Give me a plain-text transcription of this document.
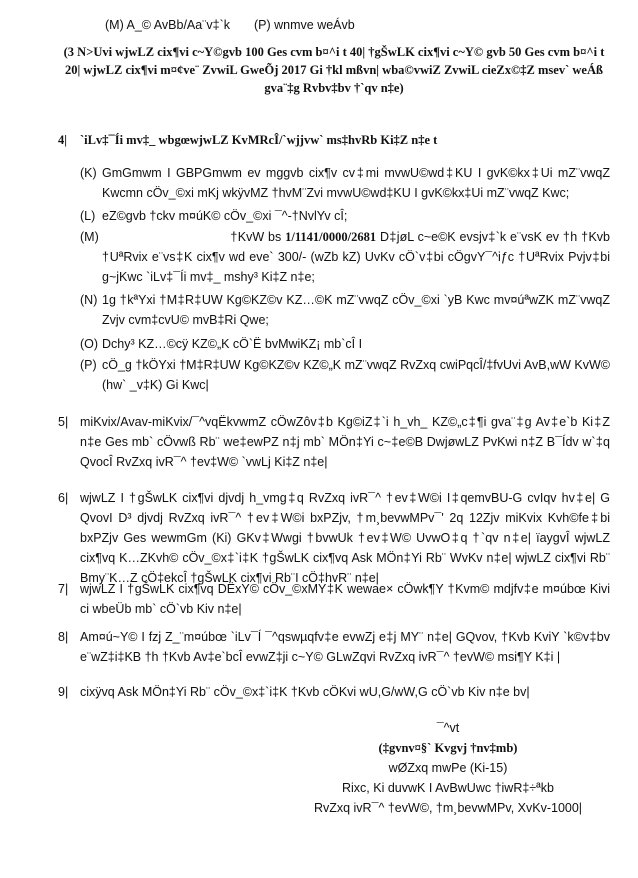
(M) A_© AvBb/Aa¨v‡`k (P) wnmve weÁvb
(3 N>Uvi wjwLZ cix¶vi c~Y©gvb 100 Ges cvm b¤^i t 40| †gŠwLK cix¶vi c~Y© gvb 50 Ges cvm b¤^i t 20| wjwLZ cix¶vi m¤¢ve¨ ZvwiL GweÕj 2017 Gi †kl mßvn| wba©vwiZ ZvwiL cieZx©‡Z msev` weÁß gva¨‡g Rvbv‡bv †`qv n‡e)
4| `iLv‡¯Íi mv‡_ wbgœwjwLZ KvMRcÎ/`wjjvw` ms‡hvRb Ki‡Z n‡e t
(K) GmGmwm I GBPGmwm ev mggvb cix¶v cv‡mi mvwU©wd‡KU I gvK©kx‡Ui mZ¨vwqZ Kwcmn cÖv_©xi mKj wkÿvMZ †hvM¨Zvi mvwU©wd‡KU I gvK©kx‡Ui mZ¨vwqZ Kwc;
(L) eZ©gvb †ckv m¤úK© cÖv_©xi ¯^-†NvlYv cÎ;
(M)	†KvW bs 1/1141/0000/2681 D‡jøL c~e©K evsjv‡`k e¨vsK ev †h †Kvb †UªRvix e¨vs‡K cix¶v wd eve` 300/- (wZb kZ) UvKv cÖ`v‡bi cÖgvY¯^iƒc †UªRvix Pvjv‡bi g~jKwc `iLv‡¯Íi mv‡_ mshy³ Ki‡Z n‡e;
(N) 1g †kªYxi †M‡R‡UW Kg©KZ©v KZ…©K mZ¨vwqZ cÖv_©xi `yB Kwc mv¤úªwZK mZ¨vwqZ Zvjv cvm‡cvU© mvB‡Ri Qwe;
(O) Dchy³ KZ…©cÿ KZ©„K cÖ`Ë bvMwiKZ¡ mb`cÎ I
(P) cÖ_g †kÖYxi †M‡R‡UW Kg©KZ©v KZ©„K mZ¨vwqZ RvZxq cwiPqcÎ/‡fvUvi AvB,wW KvW© (hw` _v‡K) Gi Kwc|
5| miKvix/Avav-miKvix/¯^vqËkvwmZ cÖwZôv‡b Kg©iZ‡`i h_vh_ KZ©„c‡¶i gva¨‡g Av‡e`b Ki‡Z n‡e Ges mb` cÖvwß Rb¨ we‡ewPZ n‡j mb` MÖn‡Yi c~‡e©B DwjøwLZ PvKwi n‡Z B¯Ídv w`‡q QvocÎ RvZxq ivR¯^ †ev‡W© `vwLj Ki‡Z n‡e|
6| wjwLZ I †gŠwLK cix¶vi djvdj h_vmg‡q RvZxq ivR¯^ †ev‡W©i I‡qemvBU-G cvIqv hv‡e| G QvovI D³ djvdj RvZxq ivR¯^ †ev‡W©i bxPZjv, †m¸bevwMPv¯' 2q 12Zjv miKvix Kvh©fe‡bi bxPZjv Ges wewmGm (Ki) GKv‡Wwgi †bvwUk †ev‡W© UvwO‡q †`qv n‡e| ïaygvÎ wjwLZ cix¶vq K…ZKvh© cÖv_©x‡`i‡K †gŠwLK cix¶vq Ask MÖn‡Yi Rb¨ WvKv n‡e| wjwLZ cix¶vi Rb¨ Bmy¨K…Z cÖ‡ekcÎ †gŠwLK cix¶vi Rb¨I cÖ‡hvR¨ n‡e|
7| wjwLZ I †gŠwLK cix¶vq DËxY© cÖv_©xMY‡K wewae× cÖwk¶Y †Kvm© mdjfv‡e m¤úbœ Kivi ci wbeÜb mb` cÖ`vb Kiv n‡e|
8| Am¤ú~Y© I fzj Z_¨m¤úbœ `iLv¯Í ¯^qswµqfv‡e evwZj e‡j MY¨ n‡e| GQvov, †Kvb KviY `k©v‡bv e¨wZ‡i‡KB †h †Kvb Av‡e`bcÎ evwZ‡ji c~Y© GLwZqvi RvZxq ivR¯^ †evW© msi¶Y K‡i |
9| cixÿvq Ask MÖn‡Yi Rb¨ cÖv_©x‡`i‡K †Kvb cÖKvi wU,G/wW,G cÖ`vb Kiv n‡e bv|
¯^vt
(‡gvnv¤§` Kvgvj †nv‡mb)
wØZxq mwPe (Ki-15)
Rixc, Ki duvwK I AvBwUwc †iwR‡÷ªkb
RvZxq ivR¯^ †evW©, †m¸bevwMPv, XvKv-1000|
